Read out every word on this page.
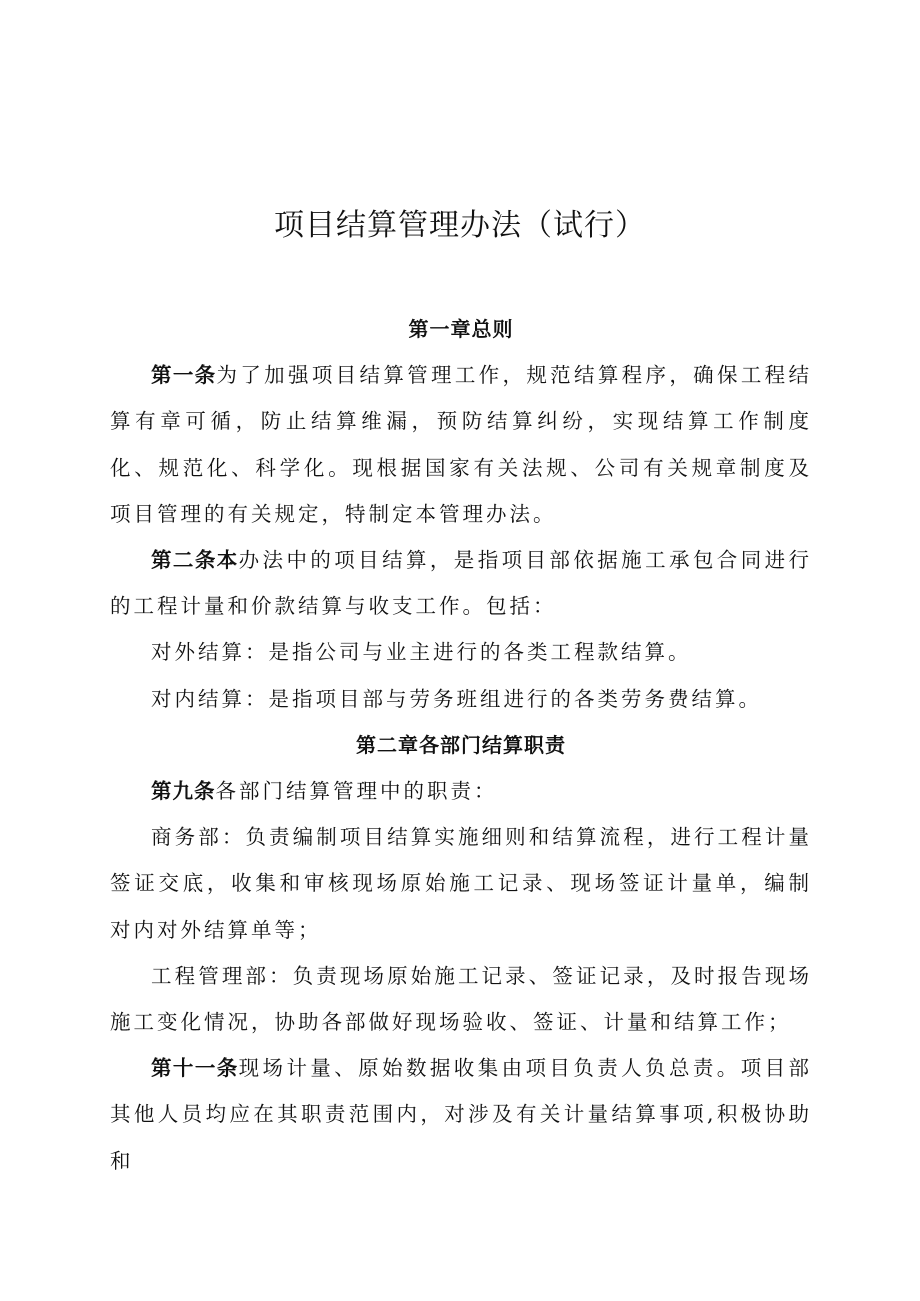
项目结算管理办法（试行）

第一章总则

第一条为了加强项目结算管理工作，规范结算程序，确保工程结算有章可循，防止结算维漏，预防结算纠纷，实现结算工作制度化、规范化、科学化。现根据国家有关法规、公司有关规章制度及项目管理的有关规定，特制定本管理办法。

第二条本办法中的项目结算，是指项目部依据施工承包合同进行的工程计量和价款结算与收支工作。包括：

对外结算：是指公司与业主进行的各类工程款结算。

对内结算：是指项目部与劳务班组进行的各类劳务费结算。

第二章各部门结算职责

第九条各部门结算管理中的职责：

商务部：负责编制项目结算实施细则和结算流程，进行工程计量签证交底，收集和审核现场原始施工记录、现场签证计量单，编制对内对外结算单等；

工程管理部：负责现场原始施工记录、签证记录，及时报告现场施工变化情况，协助各部做好现场验收、签证、计量和结算工作；

第十一条现场计量、原始数据收集由项目负责人负总责。项目部其他人员均应在其职责范围内，对涉及有关计量结算事项,积极协助和
